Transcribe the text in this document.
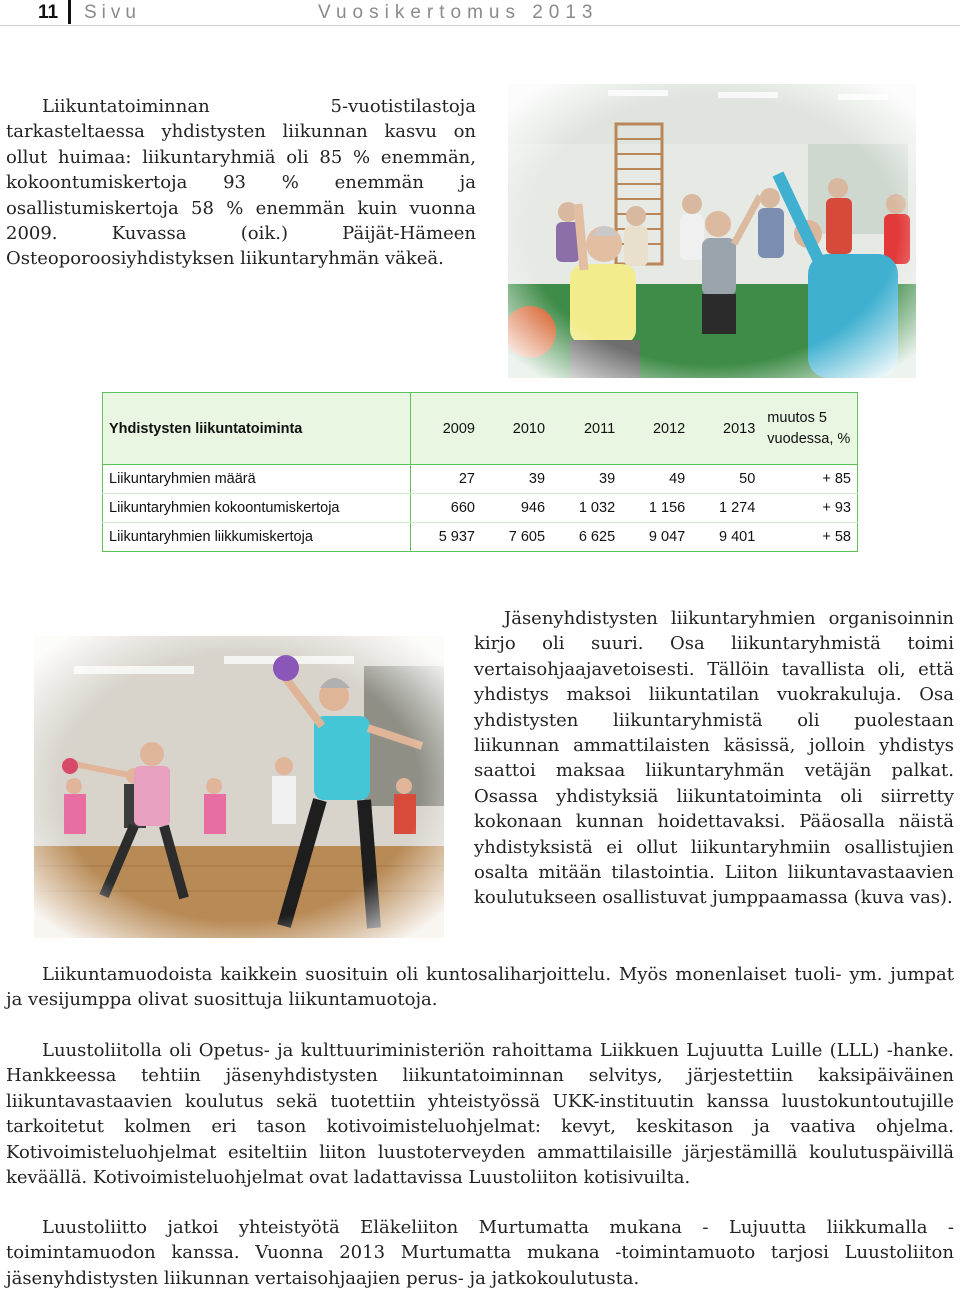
11 Sivu	Vuosikertomus 2013

Liikuntatoiminnan 5-vuotistilastoja tarkasteltaessa yhdistysten liikunnan kasvu on ollut huimaa: liikuntaryhmiä oli 85 % enemmän, kokoontumiskertoja 93 % enemmän ja osallistumiskertoja 58 % enemmän kuin vuonna 2009. Kuvassa (oik.) Päijät-Hämeen Osteoporoosiyhdistyksen liikuntaryhmän väkeä.

Yhdistysten liikuntatoiminta	2009	2010	2011	2012	2013	muutos 5 vuodessa, %
Liikuntaryhmien määrä	27	39	39	49	50	+ 85
Liikuntaryhmien kokoontumiskertoja	660	946	1 032	1 156	1 274	+ 93
Liikuntaryhmien liikkumiskertoja	5 937	7 605	6 625	9 047	9 401	+ 58

Jäsenyhdistysten liikuntaryhmien organisoinnin kirjo oli suuri. Osa liikuntaryhmistä toimi vertaisohjaajavetoisesti. Tällöin tavallista oli, että yhdistys maksoi liikuntatilan vuokrakuluja. Osa yhdistysten liikuntaryhmistä oli puolestaan liikunnan ammattilaisten käsissä, jolloin yhdistys saattoi maksaa liikuntaryhmän vetäjän palkat. Osassa yhdistyksiä liikuntatoiminta oli siirretty kokonaan kunnan hoidettavaksi. Pääosalla näistä yhdistyksistä ei ollut liikuntaryhmiin osallistujien osalta mitään tilastointia. Liiton liikuntavastaavien koulutukseen osallistuvat jumppaamassa (kuva vas).

Liikuntamuodoista kaikkein suosituin oli kuntosaliharjoittelu. Myös monenlaiset tuoli- ym. jumpat ja vesijumppa olivat suosittuja liikuntamuotoja.

Luustoliitolla oli Opetus- ja kulttuuriministeriön rahoittama Liikkuen Lujuutta Luille (LLL) -hanke. Hankkeessa tehtiin jäsenyhdistysten liikuntatoiminnan selvitys, järjestettiin kaksipäiväinen liikuntavastaavien koulutus sekä tuotettiin yhteistyössä UKK-instituutin kanssa luustokuntoutujille tarkoitetut kolmen eri tason kotivoimisteluohjelmat: kevyt, keskitason ja vaativa ohjelma. Kotivoimisteluohjelmat esiteltiin liiton luustoterveyden ammattilaisille järjestämillä koulutuspäivillä keväällä. Kotivoimisteluohjelmat ovat ladattavissa Luustoliiton kotisivuilta.

Luustoliitto jatkoi yhteistyötä Eläkeliiton Murtumatta mukana - Lujuutta liikkumalla -toimintamuodon kanssa. Vuonna 2013 Murtumatta mukana -toimintamuoto tarjosi Luustoliiton jäsenyhdistysten liikunnan vertaisohjaajien perus- ja jatkokoulutusta.
